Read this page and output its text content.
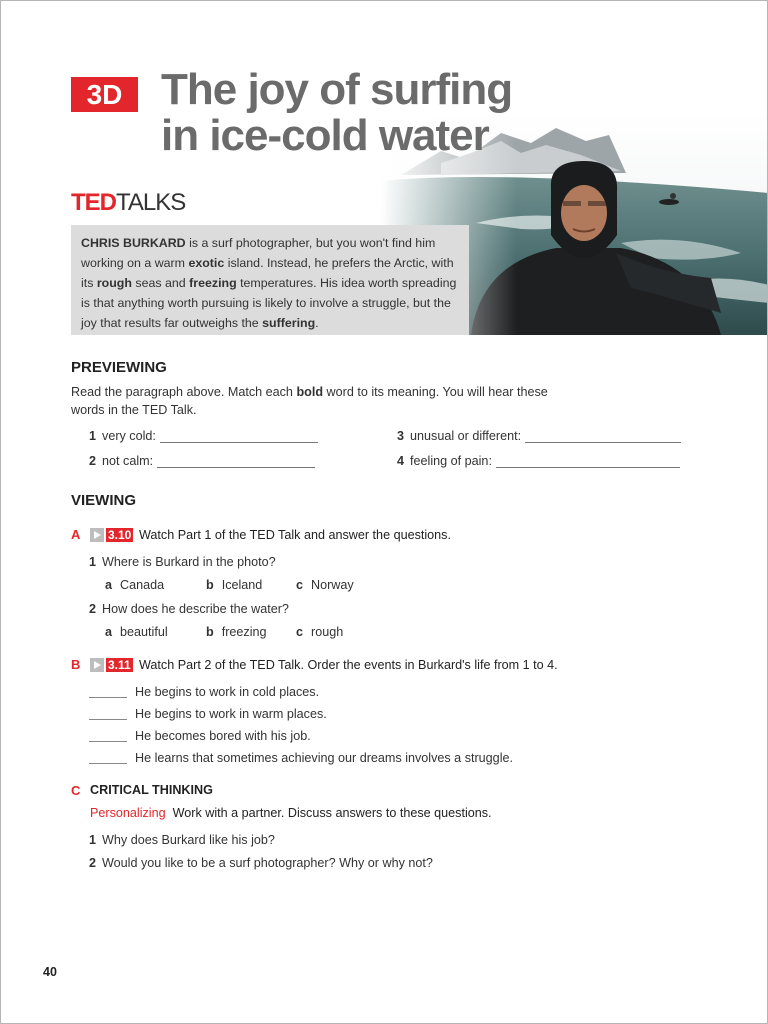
3D The joy of surfing
in ice-cold water
TEDTALKS
CHRIS BURKARD is a surf photographer, but you won't find him working on a warm exotic island. Instead, he prefers the Arctic, with its rough seas and freezing temperatures. His idea worth spreading is that anything worth pursuing is likely to involve a struggle, but the joy that results far outweighs the suffering.
PREVIEWING
Read the paragraph above. Match each bold word to its meaning. You will hear these words in the TED Talk.
1 very cold:
2 not calm:
3 unusual or different:
4 feeling of pain:
VIEWING
A 3.10 Watch Part 1 of the TED Talk and answer the questions.
1 Where is Burkard in the photo?
a Canada	b Iceland	c Norway
2 How does he describe the water?
a beautiful	b freezing c rough
B 3.11 Watch Part 2 of the TED Talk. Order the events in Burkard's life from 1 to 4.
He begins to work in cold places.
He begins to work in warm places.
He becomes bored with his job.
He learns that sometimes achieving our dreams involves a struggle.
C CRITICAL THINKING
Personalizing Work with a partner. Discuss answers to these questions.
1 Why does Burkard like his job?
2 Would you like to be a surf photographer? Why or why not?
40
